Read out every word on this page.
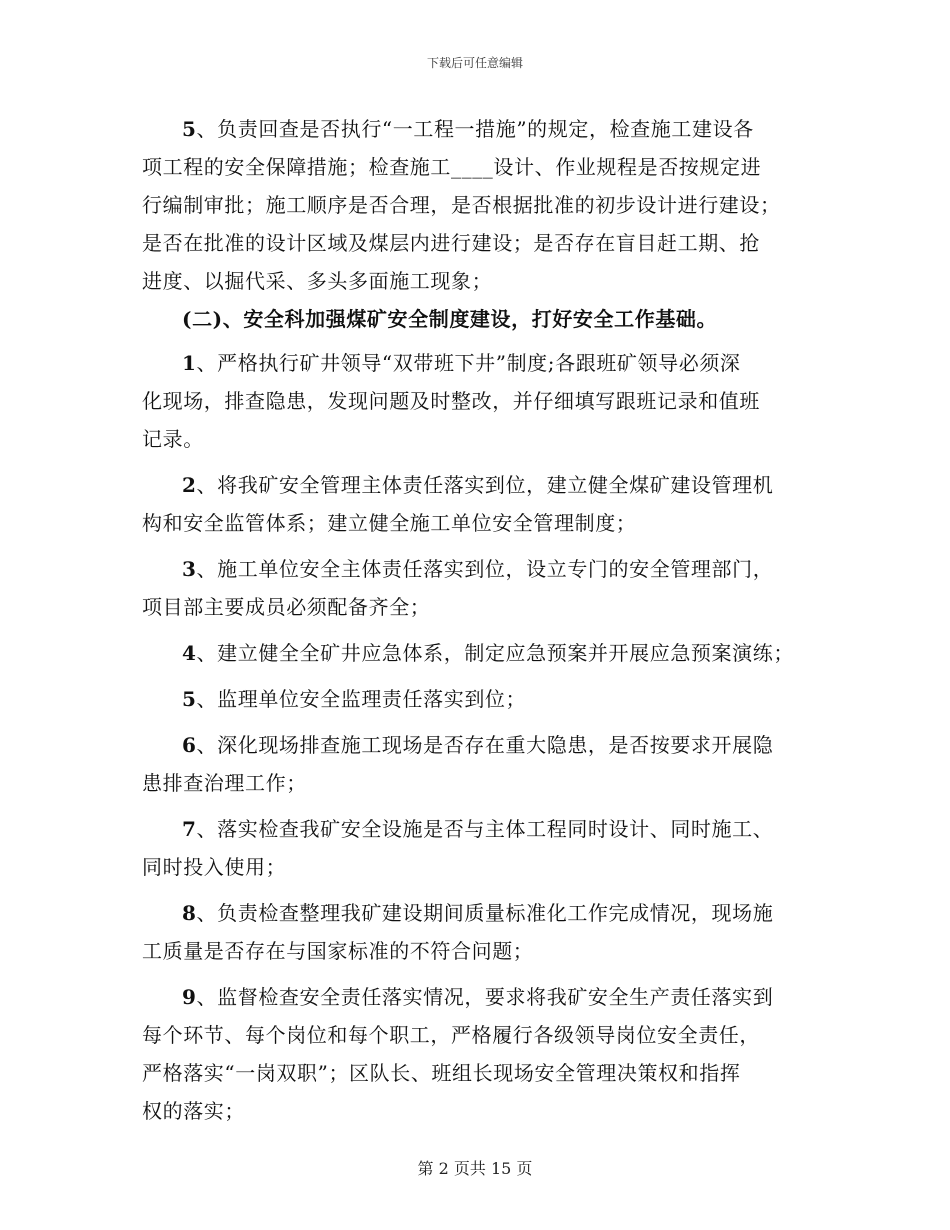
下载后可任意编辑
5、负责回查是否执行“一工程一措施”的规定，检查施工建设各
项工程的安全保障措施；检查施工____设计、作业规程是否按规定进
行编制审批；施工顺序是否合理，是否根据批准的初步设计进行建设；
是否在批准的设计区域及煤层内进行建设；是否存在盲目赶工期、抢
进度、以掘代采、多头多面施工现象；
(二)、安全科加强煤矿安全制度建设，打好安全工作基础。
1、严格执行矿井领导“双带班下井”制度;各跟班矿领导必须深
化现场，排查隐患，发现问题及时整改，并仔细填写跟班记录和值班
记录。
2、将我矿安全管理主体责任落实到位，建立健全煤矿建设管理机
构和安全监管体系；建立健全施工单位安全管理制度；
3、施工单位安全主体责任落实到位，设立专门的安全管理部门，
项目部主要成员必须配备齐全；
4、建立健全全矿井应急体系，制定应急预案并开展应急预案演练；
5、监理单位安全监理责任落实到位；
6、深化现场排查施工现场是否存在重大隐患，是否按要求开展隐
患排查治理工作；
7、落实检查我矿安全设施是否与主体工程同时设计、同时施工、
同时投入使用；
8、负责检查整理我矿建设期间质量标准化工作完成情况，现场施
工质量是否存在与国家标准的不符合问题；
9、监督检查安全责任落实情况，要求将我矿安全生产责任落实到
每个环节、每个岗位和每个职工，严格履行各级领导岗位安全责任，
严格落实“一岗双职”；区队长、班组长现场安全管理决策权和指挥
权的落实；
第 2 页共 15 页
